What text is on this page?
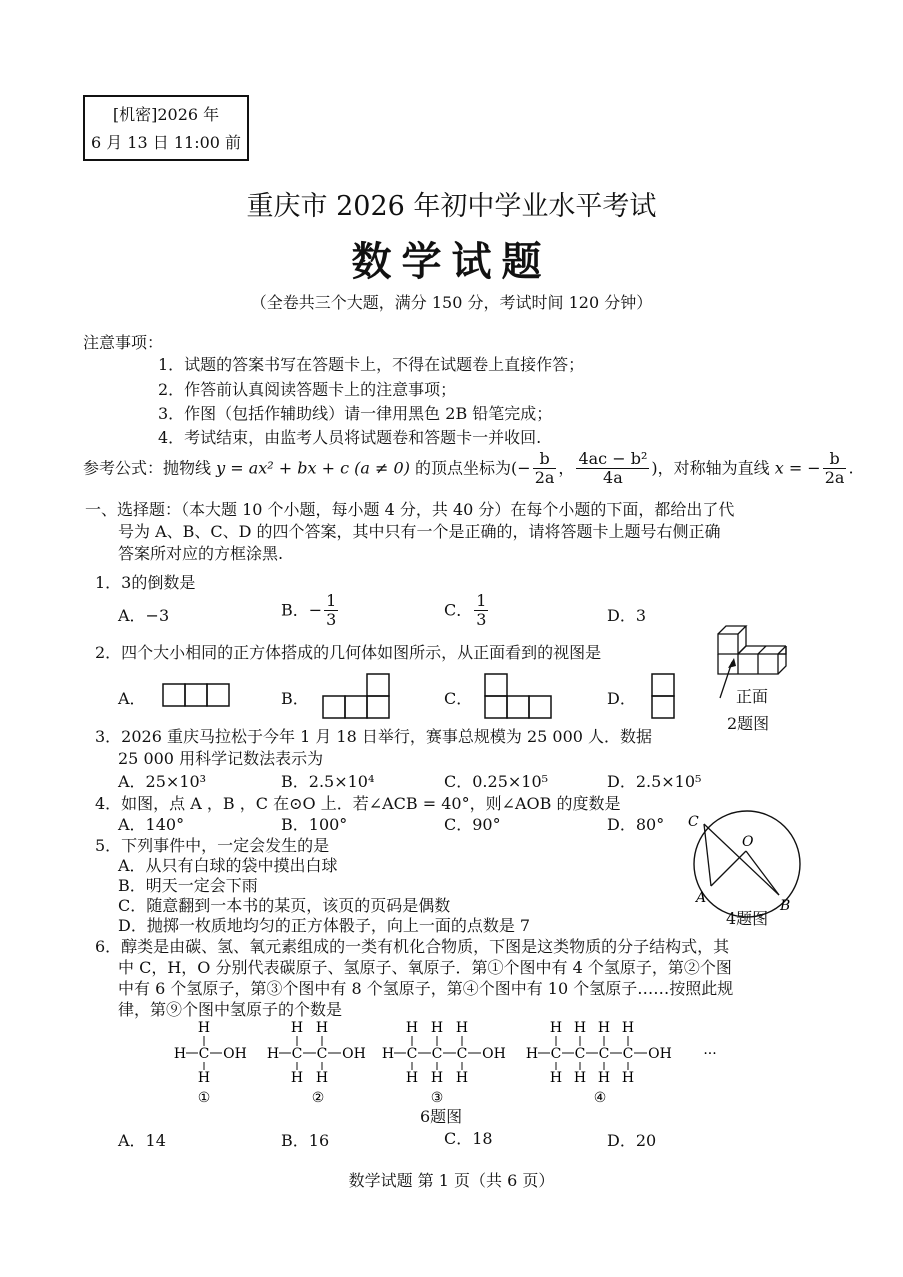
[机密]2026 年
6 月 13 日 11:00 前
重庆市 2026 年初中学业水平考试
数学试题
（全卷共三个大题，满分 150 分，考试时间 120 分钟）
注意事项：
1．试题的答案书写在答题卡上，不得在试题卷上直接作答；
2．作答前认真阅读答题卡上的注意事项；
3．作图（包括作辅助线）请一律用黑色 2B 铅笔完成；
4．考试结束，由监考人员将试题卷和答题卡一并收回.
参考公式：抛物线 y = ax² + bx + c (a ≠ 0) 的顶点坐标为(− $\frac{b}{2a}$ ， $\frac{\text{4ac − b²}}{4a}$ )，对称轴为直线 x = − $\frac{b}{2a}$ .
一、选择题：（本大题 10 个小题，每小题 4 分，共 40 分）在每个小题的下面，都给出了代
号为 A、B、C、D 的四个答案，其中只有一个是正确的，请将答题卡上题号右侧正确
答案所对应的方框涂黑.
1．3的倒数是
A．−3	B．− $\frac{1}{3}$	C． $\frac{1}{3}$	D．3
2．四个大小相同的正方体搭成的几何体如图所示，从正面看到的视图是
A．	B．	C．	D．	正面
2题图
3．2026 重庆马拉松于今年 1 月 18 日举行，赛事总规模为 25 000 人．数据
25 000 用科学记数法表示为
A．25×10³	B．2.5×10⁴	C．0.25×10⁵	D．2.5×10⁵
4．如图，点 A ，B ，C 在⊙O 上．若∠ACB = 40°，则∠AOB 的度数是
A．140°	B．100°	C．90°	D．80° C
O
A	B
4题图
5．下列事件中，一定会发生的是
A．从只有白球的袋中摸出白球
B．明天一定会下雨
C．随意翻到一本书的某页，该页的页码是偶数
D．抛掷一枚质地均匀的正方体骰子，向上一面的点数是 7
6．醇类是由碳、氢、氧元素组成的一类有机化合物质，下图是这类物质的分子结构式，其
中 C，H，O 分别代表碳原子、氢原子、氧原子．第①个图中有 4 个氢原子，第②个图
中有 6 个氢原子，第③个图中有 8 个氢原子，第④个图中有 10 个氢原子……按照此规
律，第⑨个图中氢原子的个数是
H
C
H	OH
H
①
H H
C C
H	OH
H H
②
H H H
C C C
H	OH
H H H
③
H H H H
C C C C
H	OH
H H H H
④
···
6题图
A．14	B．16	C．18	D．20
数学试题 第 1 页（共 6 页）
